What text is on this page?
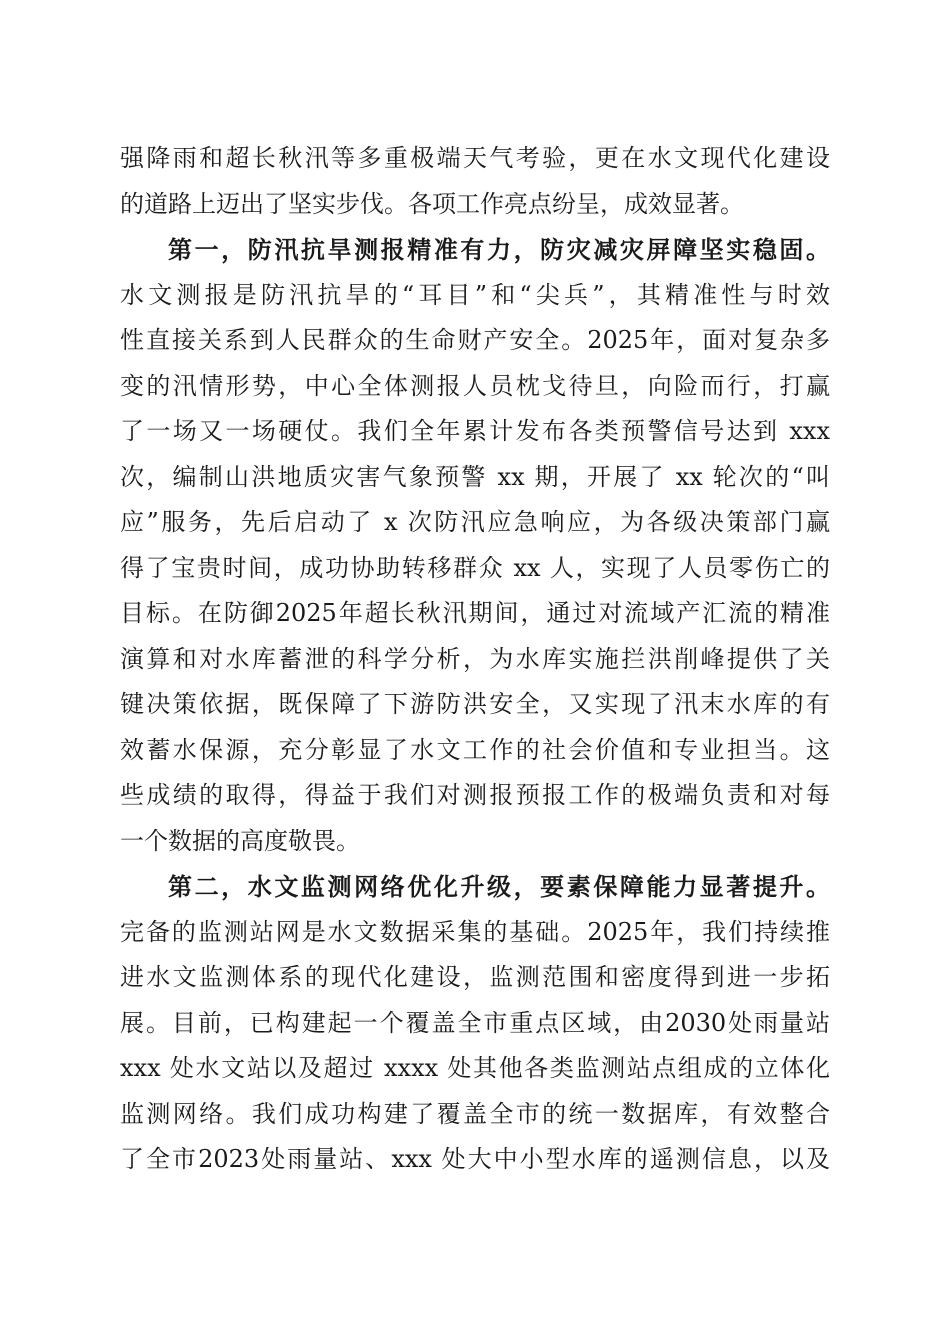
强降雨和超长秋汛等多重极端天气考验，更在水文现代化建设
的道路上迈出了坚实步伐。各项工作亮点纷呈，成效显著。
第一，防汛抗旱测报精准有力，防灾减灾屏障坚实稳固。
水文测报是防汛抗旱的“耳目”和“尖兵”，其精准性与时效
性直接关系到人民群众的生命财产安全。2025年，面对复杂多
变的汛情形势，中心全体测报人员枕戈待旦，向险而行，打赢
了一场又一场硬仗。我们全年累计发布各类预警信号达到 xxx
次，编制山洪地质灾害气象预警 xx 期，开展了 xx 轮次的“叫
应”服务，先后启动了 x 次防汛应急响应，为各级决策部门赢
得了宝贵时间，成功协助转移群众 xx 人，实现了人员零伤亡的
目标。在防御2025年超长秋汛期间，通过对流域产汇流的精准
演算和对水库蓄泄的科学分析，为水库实施拦洪削峰提供了关
键决策依据，既保障了下游防洪安全，又实现了汛末水库的有
效蓄水保源，充分彰显了水文工作的社会价值和专业担当。这
些成绩的取得，得益于我们对测报预报工作的极端负责和对每
一个数据的高度敬畏。
第二，水文监测网络优化升级，要素保障能力显著提升。
完备的监测站网是水文数据采集的基础。2025年，我们持续推
进水文监测体系的现代化建设，监测范围和密度得到进一步拓
展。目前，已构建起一个覆盖全市重点区域，由2030处雨量站
xxx 处水文站以及超过 xxxx 处其他各类监测站点组成的立体化
监测网络。我们成功构建了覆盖全市的统一数据库，有效整合
了全市2023处雨量站、xxx 处大中小型水库的遥测信息，以及
